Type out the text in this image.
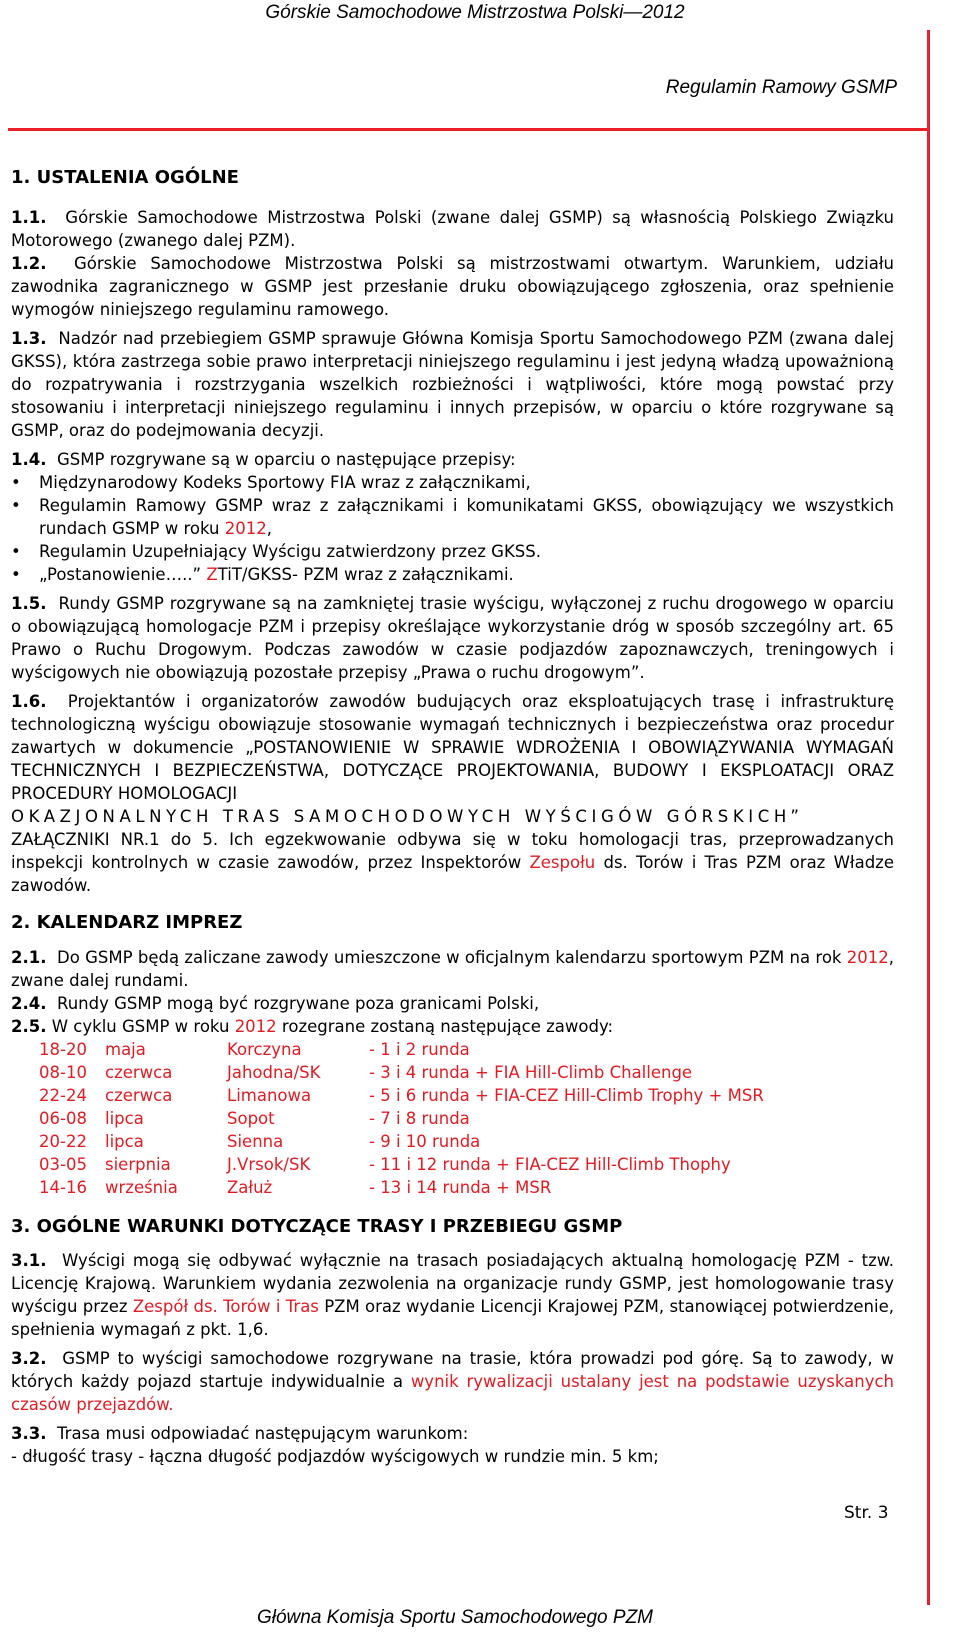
Górskie Samochodowe Mistrzostwa Polski—2012
Regulamin Ramowy GSMP

1. USTALENIA OGÓLNE

1.1. Górskie Samochodowe Mistrzostwa Polski (zwane dalej GSMP) są własnością Polskiego Związku Motorowego (zwanego dalej PZM).

1.2. Górskie Samochodowe Mistrzostwa Polski są mistrzostwami otwartym. Warunkiem, udziału zawodnika zagranicznego w GSMP jest przesłanie druku obowiązującego zgłoszenia, oraz spełnienie wymogów niniejszego regulaminu ramowego.

1.3. Nadzór nad przebiegiem GSMP sprawuje Główna Komisja Sportu Samochodowego PZM (zwana dalej GKSS), która zastrzega sobie prawo interpretacji niniejszego regulaminu i jest jedyną władzą upoważnioną do rozpatrywania i rozstrzygania wszelkich rozbieżności i wątpliwości, które mogą powstać przy stosowaniu i interpretacji niniejszego regulaminu i innych przepisów, w oparciu o które rozgrywane są GSMP, oraz do podejmowania decyzji.

1.4. GSMP rozgrywane są w oparciu o następujące przepisy:

• Międzynarodowy Kodeks Sportowy FIA wraz z załącznikami,
• Regulamin Ramowy GSMP wraz z załącznikami i komunikatami GKSS, obowiązujący we wszystkich rundach GSMP w roku 2012,
• Regulamin Uzupełniający Wyścigu zatwierdzony przez GKSS.
• „Postanowienie…..” ZTiT/GKSS- PZM wraz z załącznikami.

1.5. Rundy GSMP rozgrywane są na zamkniętej trasie wyścigu, wyłączonej z ruchu drogowego w oparciu o obowiązującą homologacje PZM i przepisy określające wykorzystanie dróg w sposób szczególny art. 65 Prawo o Ruchu Drogowym. Podczas zawodów w czasie podjazdów zapoznawczych, treningowych i wyścigowych nie obowiązują pozostałe przepisy „Prawa o ruchu drogowym”.

1.6. Projektantów i organizatorów zawodów budujących oraz eksploatujących trasę i infrastrukturę technologiczną wyścigu obowiązuje stosowanie wymagań technicznych i bezpieczeństwa oraz procedur zawartych w dokumencie „POSTANOWIENIE W SPRAWIE WDROŻENIA I OBOWIĄZYWANIA WYMAGAŃ TECHNICZNYCH I BEZPIECZEŃSTWA, DOTYCZĄCE PROJEKTOWANIA, BUDOWY I EKSPLOATACJI ORAZ PROCEDURY HOMOLOGACJI

OKAZJONALNYCH TRAS SAMOCHODOWYCH WYŚCIGÓW GÓRSKICH”

ZAŁĄCZNIKI NR.1 do 5. Ich egzekwowanie odbywa się w toku homologacji tras, przeprowadzanych inspekcji kontrolnych w czasie zawodów, przez Inspektorów Zespołu ds. Torów i Tras PZM oraz Władze zawodów.

2. KALENDARZ IMPREZ

2.1.  Do GSMP będą zaliczane zawody umieszczone w oficjalnym kalendarzu sportowym PZM na rok 2012, zwane dalej rundami.

2.4. Rundy GSMP mogą być rozgrywane poza granicami Polski,

2.5. W cyklu GSMP w roku 2012 rozegrane zostaną następujące zawody:

18-20	maja	Korczyna	- 1 i 2 runda
08-10	czerwca	Jahodna/SK	- 3 i 4 runda + FIA Hill-Climb Challenge
22-24	czerwca	Limanowa	- 5 i 6 runda + FIA-CEZ Hill-Climb Trophy + MSR
06-08	lipca	Sopot	- 7 i 8 runda
20-22	lipca	Sienna	- 9 i 10 runda
03-05	sierpnia	J.Vrsok/SK	- 11 i 12 runda + FIA-CEZ Hill-Climb Thophy
14-16	września	Załuż	- 13 i 14 runda + MSR

3. OGÓLNE WARUNKI DOTYCZĄCE TRASY I PRZEBIEGU GSMP

3.1.  Wyścigi mogą się odbywać wyłącznie na trasach posiadających aktualną homologację PZM - tzw. Licencję Krajową. Warunkiem wydania zezwolenia na organizacje rundy GSMP, jest homologowanie trasy wyścigu przez Zespół ds. Torów i Tras PZM oraz wydanie Licencji Krajowej PZM, stanowiącej potwierdzenie, spełnienia wymagań z pkt. 1,6.

3.2.  GSMP to wyścigi samochodowe rozgrywane na trasie, która prowadzi pod górę. Są to zawody, w których każdy pojazd startuje indywidualnie a wynik rywalizacji ustalany jest na podstawie uzyskanych czasów przejazdów.

3.3. Trasa musi odpowiadać następującym warunkom:

- długość trasy - łączna długość podjazdów wyścigowych w rundzie min. 5 km;

Str. 3
Główna Komisja Sportu Samochodowego PZM
